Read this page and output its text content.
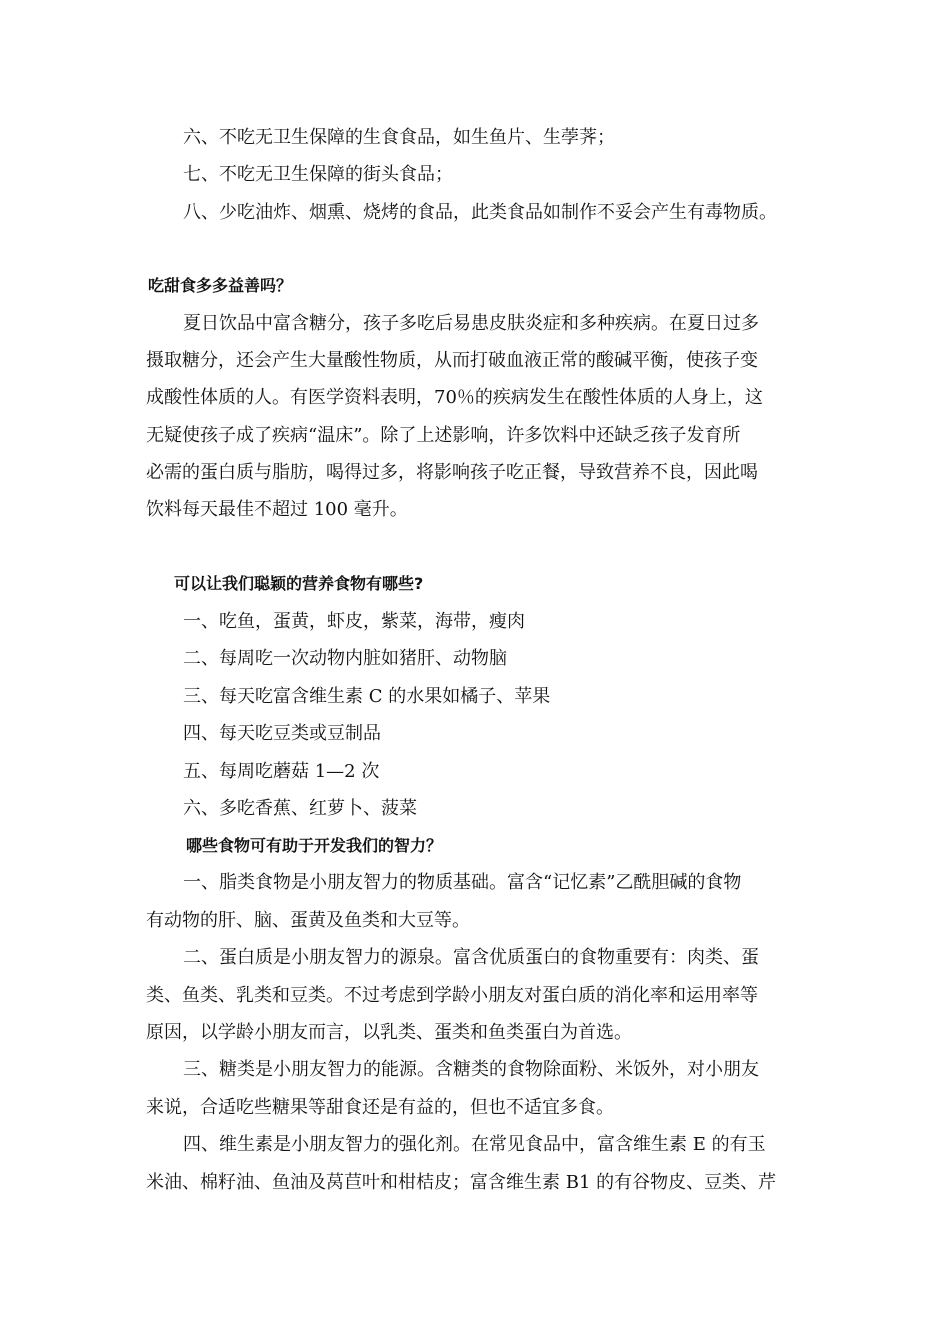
六、不吃无卫生保障的生食食品，如生鱼片、生荸荠；
七、不吃无卫生保障的街头食品；
八、少吃油炸、烟熏、烧烤的食品，此类食品如制作不妥会产生有毒物质。
吃甜食多多益善吗？
夏日饮品中富含糖分，孩子多吃后易患皮肤炎症和多种疾病。在夏日过多
摄取糖分，还会产生大量酸性物质，从而打破血液正常的酸碱平衡，使孩子变
成酸性体质的人。有医学资料表明，70％的疾病发生在酸性体质的人身上，这
无疑使孩子成了疾病“温床”。除了上述影响，许多饮料中还缺乏孩子发育所
必需的蛋白质与脂肪，喝得过多，将影响孩子吃正餐，导致营养不良，因此喝
饮料每天最佳不超过 100 毫升。
可以让我们聪颖的营养食物有哪些?
一、吃鱼，蛋黄，虾皮，紫菜，海带，瘦肉
二、每周吃一次动物内脏如猪肝、动物脑
三、每天吃富含维生素 C 的水果如橘子、苹果
四、每天吃豆类或豆制品
五、每周吃蘑菇 1—2 次
六、多吃香蕉、红萝卜、菠菜
哪些食物可有助于开发我们的智力？
一、脂类食物是小朋友智力的物质基础。富含“记忆素”乙酰胆碱的食物
有动物的肝、脑、蛋黄及鱼类和大豆等。
二、蛋白质是小朋友智力的源泉。富含优质蛋白的食物重要有：肉类、蛋
类、鱼类、乳类和豆类。不过考虑到学龄小朋友对蛋白质的消化率和运用率等
原因，以学龄小朋友而言，以乳类、蛋类和鱼类蛋白为首选。
三、糖类是小朋友智力的能源。含糖类的食物除面粉、米饭外，对小朋友
来说，合适吃些糖果等甜食还是有益的，但也不适宜多食。
四、维生素是小朋友智力的强化剂。在常见食品中，富含维生素 E 的有玉
米油、棉籽油、鱼油及莴苣叶和柑桔皮；富含维生素 B1 的有谷物皮、豆类、芹
